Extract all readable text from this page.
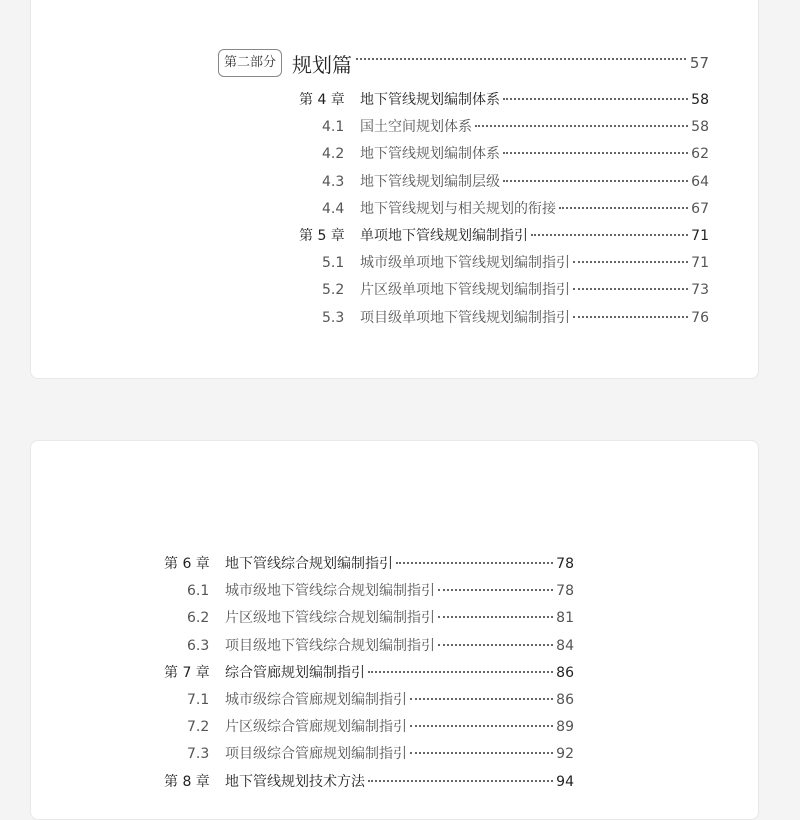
第二部分 规划篇	57
第 4 章	地下管线规划编制体系	58
4.1	国土空间规划体系	58
4.2	地下管线规划编制体系	62
4.3	地下管线规划编制层级	64
4.4	地下管线规划与相关规划的衔接	67
第 5 章	单项地下管线规划编制指引	71
5.1	城市级单项地下管线规划编制指引	71
5.2	片区级单项地下管线规划编制指引	73
5.3	项目级单项地下管线规划编制指引	76
第 6 章	地下管线综合规划编制指引	78
6.1	城市级地下管线综合规划编制指引	78
6.2	片区级地下管线综合规划编制指引	81
6.3	项目级地下管线综合规划编制指引	84
第 7 章	综合管廊规划编制指引	86
7.1	城市级综合管廊规划编制指引	86
7.2	片区级综合管廊规划编制指引	89
7.3	项目级综合管廊规划编制指引	92
第 8 章	地下管线规划技术方法	94
